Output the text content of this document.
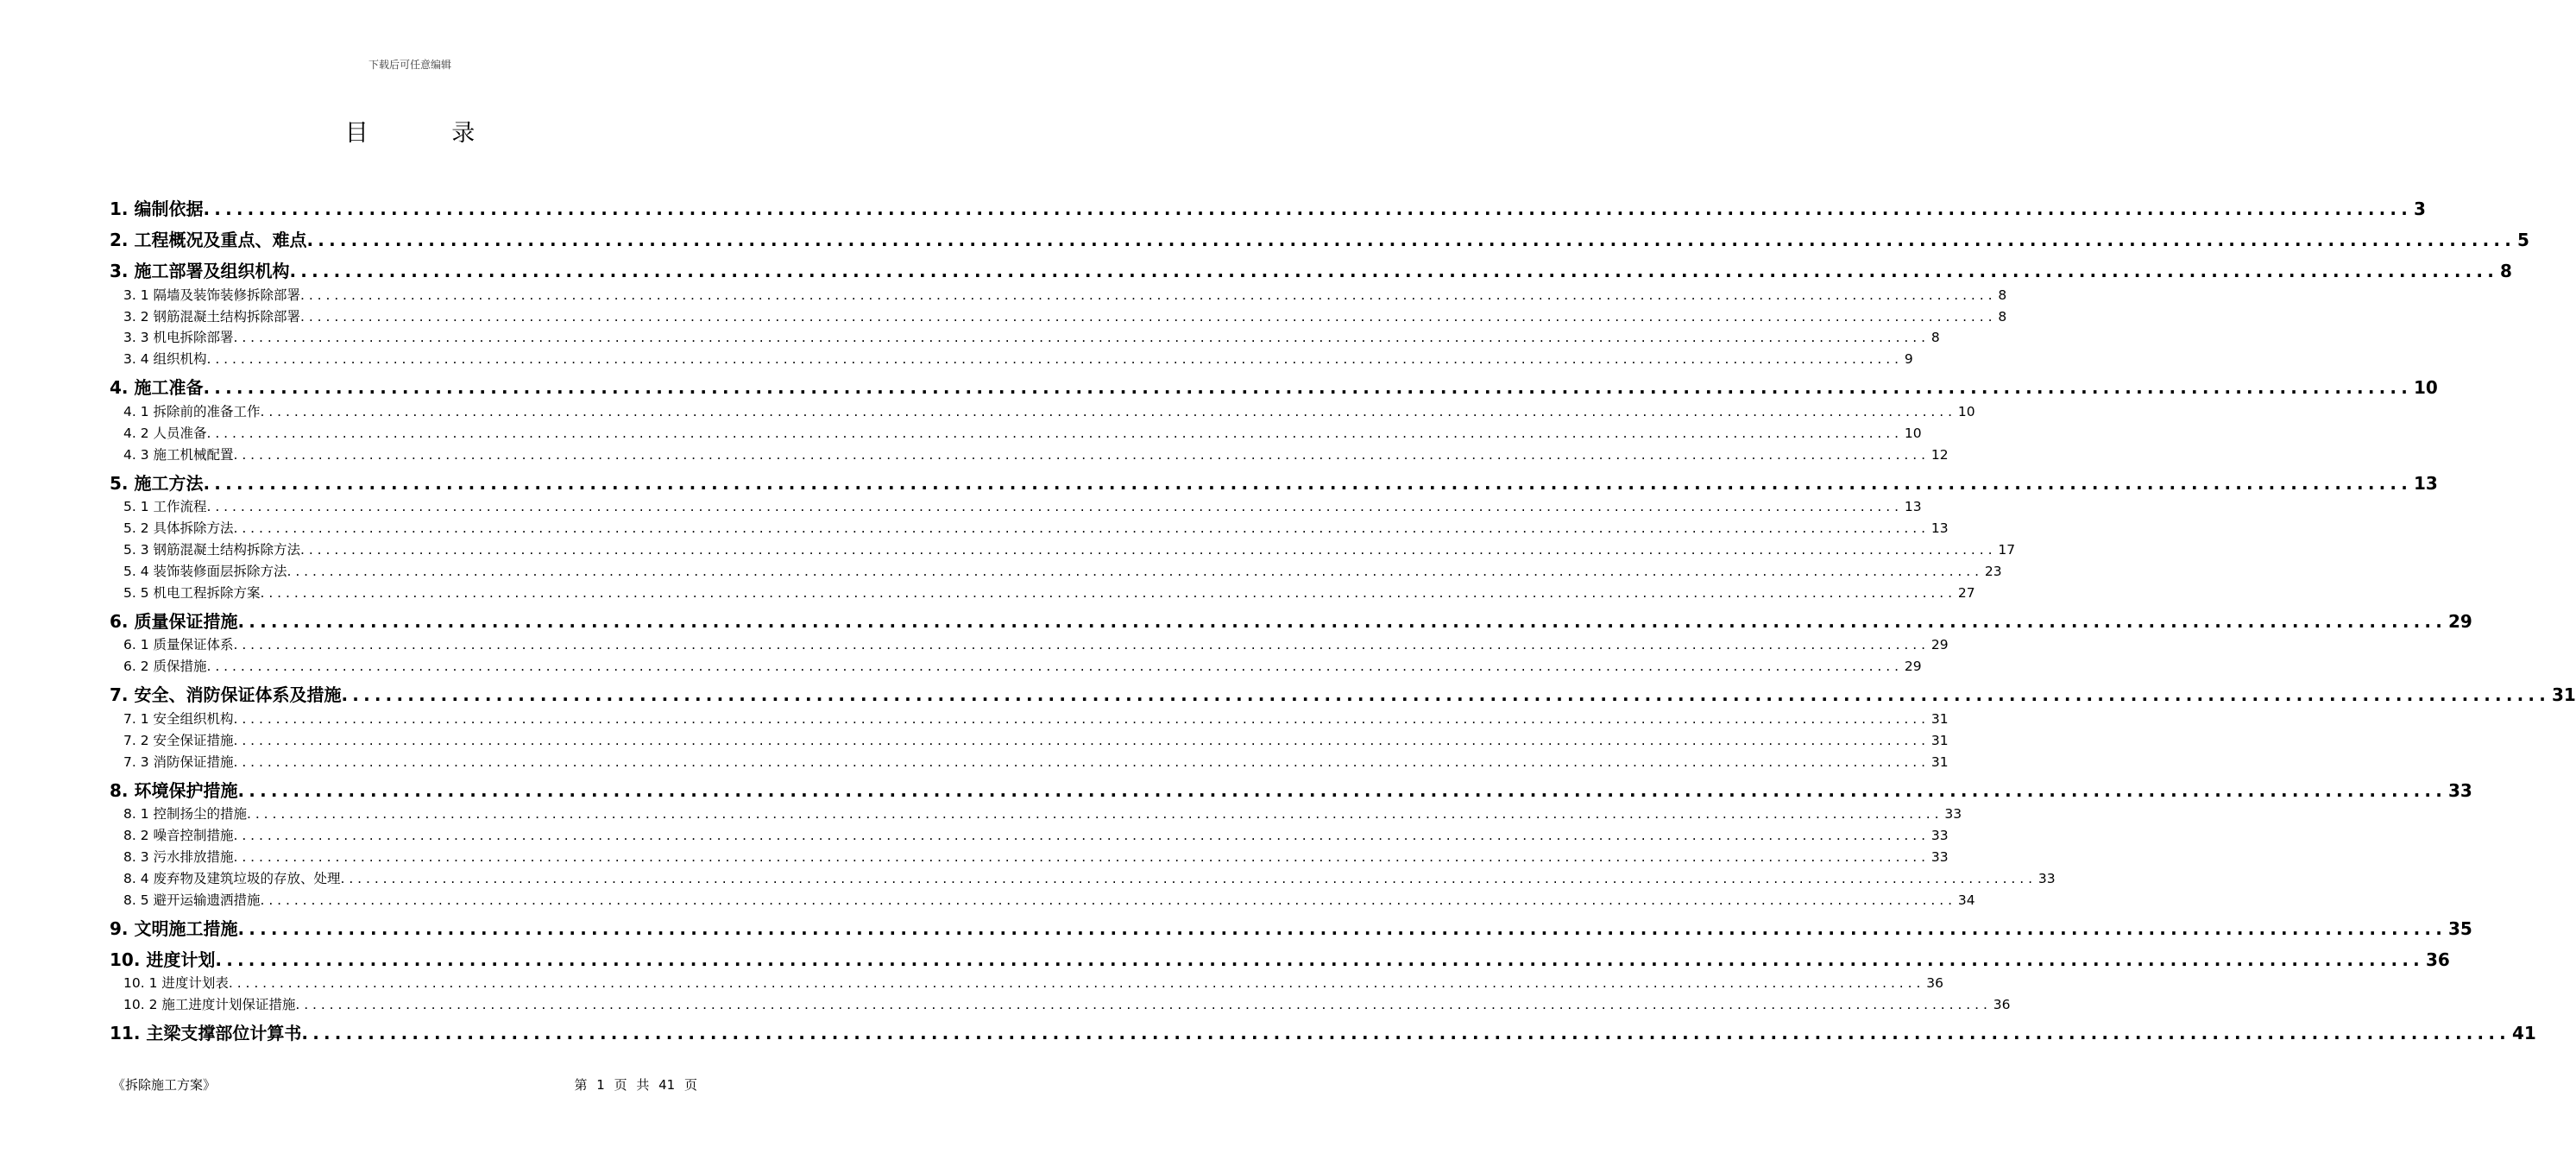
下载后可任意编辑
目 录
1. 编制依据 ........................................................................................................................................................................................................ 3
2. 工程概况及重点、难点 ........................................................................................................................................................................................................ 5
3. 施工部署及组织机构 ........................................................................................................................................................................................................ 8
3. 1 隔墙及装饰装修拆除部署 ........................................................................................................................................................................................................ 8
3. 2 钢筋混凝土结构拆除部署 ........................................................................................................................................................................................................ 8
3. 3 机电拆除部署 ........................................................................................................................................................................................................ 8
3. 4 组织机构 ........................................................................................................................................................................................................ 9
4. 施工准备 ........................................................................................................................................................................................................ 10
4. 1 拆除前的准备工作 ........................................................................................................................................................................................................ 10
4. 2 人员准备 ........................................................................................................................................................................................................ 10
4. 3 施工机械配置 ........................................................................................................................................................................................................ 12
5. 施工方法 ........................................................................................................................................................................................................ 13
5. 1 工作流程 ........................................................................................................................................................................................................ 13
5. 2 具体拆除方法 ........................................................................................................................................................................................................ 13
5. 3 钢筋混凝土结构拆除方法 ........................................................................................................................................................................................................ 17
5. 4 装饰装修面层拆除方法 ........................................................................................................................................................................................................ 23
5. 5 机电工程拆除方案 ........................................................................................................................................................................................................ 27
6. 质量保证措施 ........................................................................................................................................................................................................ 29
6. 1 质量保证体系 ........................................................................................................................................................................................................ 29
6. 2 质保措施 ........................................................................................................................................................................................................ 29
7. 安全、消防保证体系及措施 ........................................................................................................................................................................................................ 31
7. 1 安全组织机构 ........................................................................................................................................................................................................ 31
7. 2 安全保证措施 ........................................................................................................................................................................................................ 31
7. 3 消防保证措施 ........................................................................................................................................................................................................ 31
8. 环境保护措施 ........................................................................................................................................................................................................ 33
8. 1 控制扬尘的措施 ........................................................................................................................................................................................................ 33
8. 2 噪音控制措施 ........................................................................................................................................................................................................ 33
8. 3 污水排放措施 ........................................................................................................................................................................................................ 33
8. 4 废弃物及建筑垃圾的存放、处理 ........................................................................................................................................................................................................ 33
8. 5 避开运输遗洒措施 ........................................................................................................................................................................................................ 34
9. 文明施工措施 ........................................................................................................................................................................................................ 35
10. 进度计划 ........................................................................................................................................................................................................ 36
10. 1 进度计划表 ........................................................................................................................................................................................................ 36
10. 2 施工进度计划保证措施 ........................................................................................................................................................................................................ 36
11. 主梁支撑部位计算书 ........................................................................................................................................................................................................ 41
《拆除施工方案》	第 1 页 共 41 页
